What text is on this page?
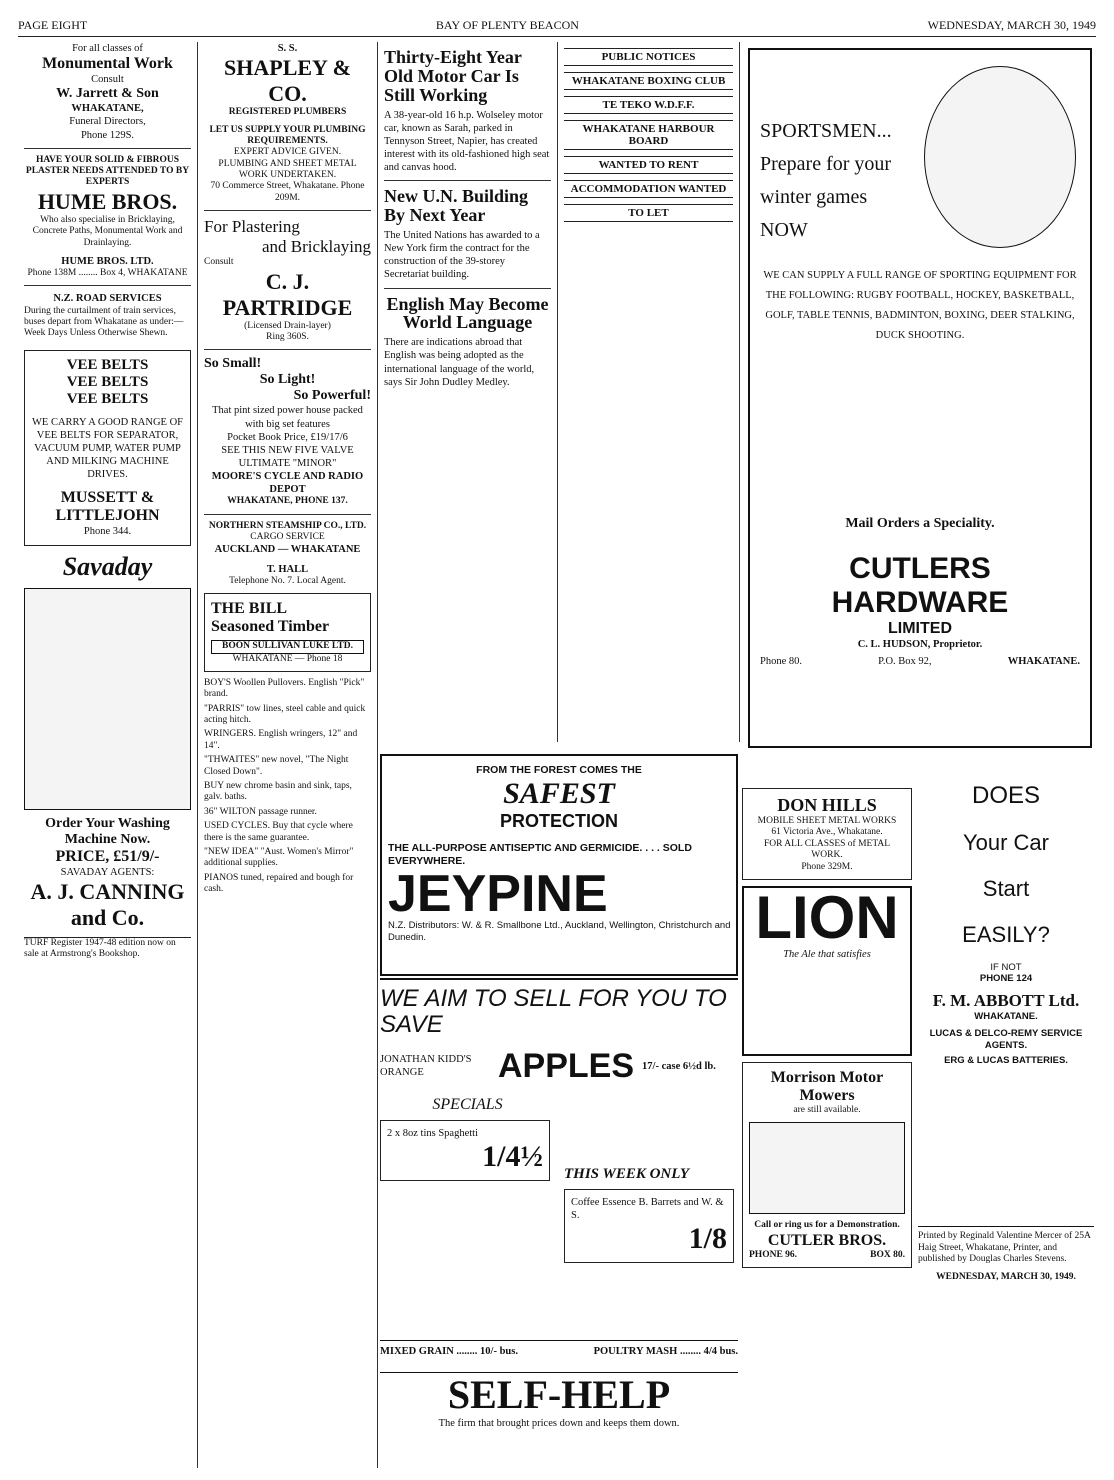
PAGE EIGHT	BAY OF PLENTY BEACON	WEDNESDAY, MARCH 30, 1949
For all classes of
Monumental Work
Consult
W. Jarrett & Son
WHAKATANE,
Funeral Directors,
Phone 129S.
HAVE YOUR SOLID & FIBROUS PLASTER NEEDS ATTENDED TO BY EXPERTS
HUME BROS.
Who also specialise in Bricklaying, Concrete Paths, Monumental Work and Drainlaying.
HUME BROS. LTD.
Phone 138M ........ Box 4, WHAKATANE
N.Z. ROAD SERVICES
During the curtailment of train services, buses depart from Whakatane as under:— Week Days Unless Otherwise Shewn.
VEE BELTS
VEE BELTS
VEE BELTS
WE CARRY A GOOD RANGE OF VEE BELTS FOR SEPARATOR, VACUUM PUMP, WATER PUMP AND MILKING MACHINE DRIVES.
MUSSETT & LITTLEJOHN
Phone 344.
Savaday
Order Your Washing Machine Now.
PRICE, £51/9/-
SAVADAY AGENTS:
A. J. CANNING and Co.
TURF Register 1947-48 edition now on sale at Armstrong's Bookshop.
S. S.
SHAPLEY & CO.
REGISTERED PLUMBERS
LET US SUPPLY YOUR PLUMBING REQUIREMENTS.
EXPERT ADVICE GIVEN.
PLUMBING AND SHEET METAL WORK UNDERTAKEN.
70 Commerce Street, Whakatane. Phone 209M.
For Plastering
and Bricklaying
Consult
C. J. PARTRIDGE
(Licensed Drain-layer)
Ring 360S.
So Small!
So Light!
So Powerful!
That pint sized power house packed with big set features
Pocket Book Price, £19/17/6
SEE THIS NEW FIVE VALVE ULTIMATE "MINOR"
MOORE'S CYCLE AND RADIO DEPOT
WHAKATANE, PHONE 137.
NORTHERN STEAMSHIP CO., LTD.
CARGO SERVICE
AUCKLAND — WHAKATANE
T. HALL
Telephone No. 7. Local Agent.
THE BILL
Seasoned Timber
BOON SULLIVAN LUKE LTD.
WHAKATANE — Phone 18
BOY'S Woollen Pullovers. English "Pick" brand.
"PARRIS" tow lines, steel cable and quick acting hitch.
WRINGERS. English wringers, 12" and 14".
"THWAITES" new novel, "The Night Closed Down".
BUY new chrome basin and sink, taps, galv. baths.
36" WILTON passage runner.
USED CYCLES. Buy that cycle where there is the same guarantee.
"NEW IDEA" "Aust. Women's Mirror" additional supplies.
PIANOS tuned, repaired and bough for cash.
Thirty-Eight Year Old Motor Car Is Still Working
A 38-year-old 16 h.p. Wolseley motor car, known as Sarah, parked in Tennyson Street, Napier, has created interest with its old-fashioned high seat and canvas hood.
New U.N. Building By Next Year
The United Nations has awarded to a New York firm the contract for the construction of the 39-storey Secretariat building.
English May Become World Language
There are indications abroad that English was being adopted as the international language of the world, says Sir John Dudley Medley.
PUBLIC NOTICES
WHAKATANE BOXING CLUB
TE TEKO W.D.F.F.
WHAKATANE HARBOUR BOARD
WANTED TO RENT
ACCOMMODATION WANTED
TO LET
FROM THE FOREST COMES THE
SAFEST
PROTECTION
THE ALL-PURPOSE ANTISEPTIC AND GERMICIDE. . . . SOLD EVERYWHERE.
JEYPINE
N.Z. Distributors: W. & R. Smallbone Ltd., Auckland, Wellington, Christchurch and Dunedin.
WE AIM TO SELL FOR YOU TO SAVE
JONATHAN KIDD'S ORANGE	APPLES 17/- case 6½d lb.
SPECIALS
2 x 8oz tins Spaghetti
1/4½
THIS WEEK ONLY
Coffee Essence B. Barrets and W. & S.
1/8
MIXED GRAIN ........ 10/- bus.	POULTRY MASH ........ 4/4 bus.
SELF-HELP
The firm that brought prices down and keeps them down.
SPORTSMEN...
Prepare for your
winter games
NOW
WE CAN SUPPLY A FULL RANGE OF SPORTING EQUIPMENT FOR THE FOLLOWING: RUGBY FOOTBALL, HOCKEY, BASKETBALL, GOLF, TABLE TENNIS, BADMINTON, BOXING, DEER STALKING, DUCK SHOOTING.
Mail Orders a Speciality.
CUTLERS HARDWARE
LIMITED
C. L. HUDSON, Proprietor.
Phone 80.	P.O. Box 92,	WHAKATANE.
DON HILLS
MOBILE SHEET METAL WORKS
61 Victoria Ave., Whakatane.
FOR ALL CLASSES of METAL WORK.
Phone 329M.
LION
The Ale that satisfies
Morrison Motor Mowers
are still available.
Call or ring us for a Demonstration.
CUTLER BROS.
PHONE 96.	BOX 80.
DOES
Your Car
Start
EASILY?
IF NOT
PHONE 124
F. M. ABBOTT Ltd.
WHAKATANE.
LUCAS & DELCO-REMY SERVICE AGENTS.
ERG & LUCAS BATTERIES.
Printed by Reginald Valentine Mercer of 25A Haig Street, Whakatane, Printer, and published by Douglas Charles Stevens.
WEDNESDAY, MARCH 30, 1949.
